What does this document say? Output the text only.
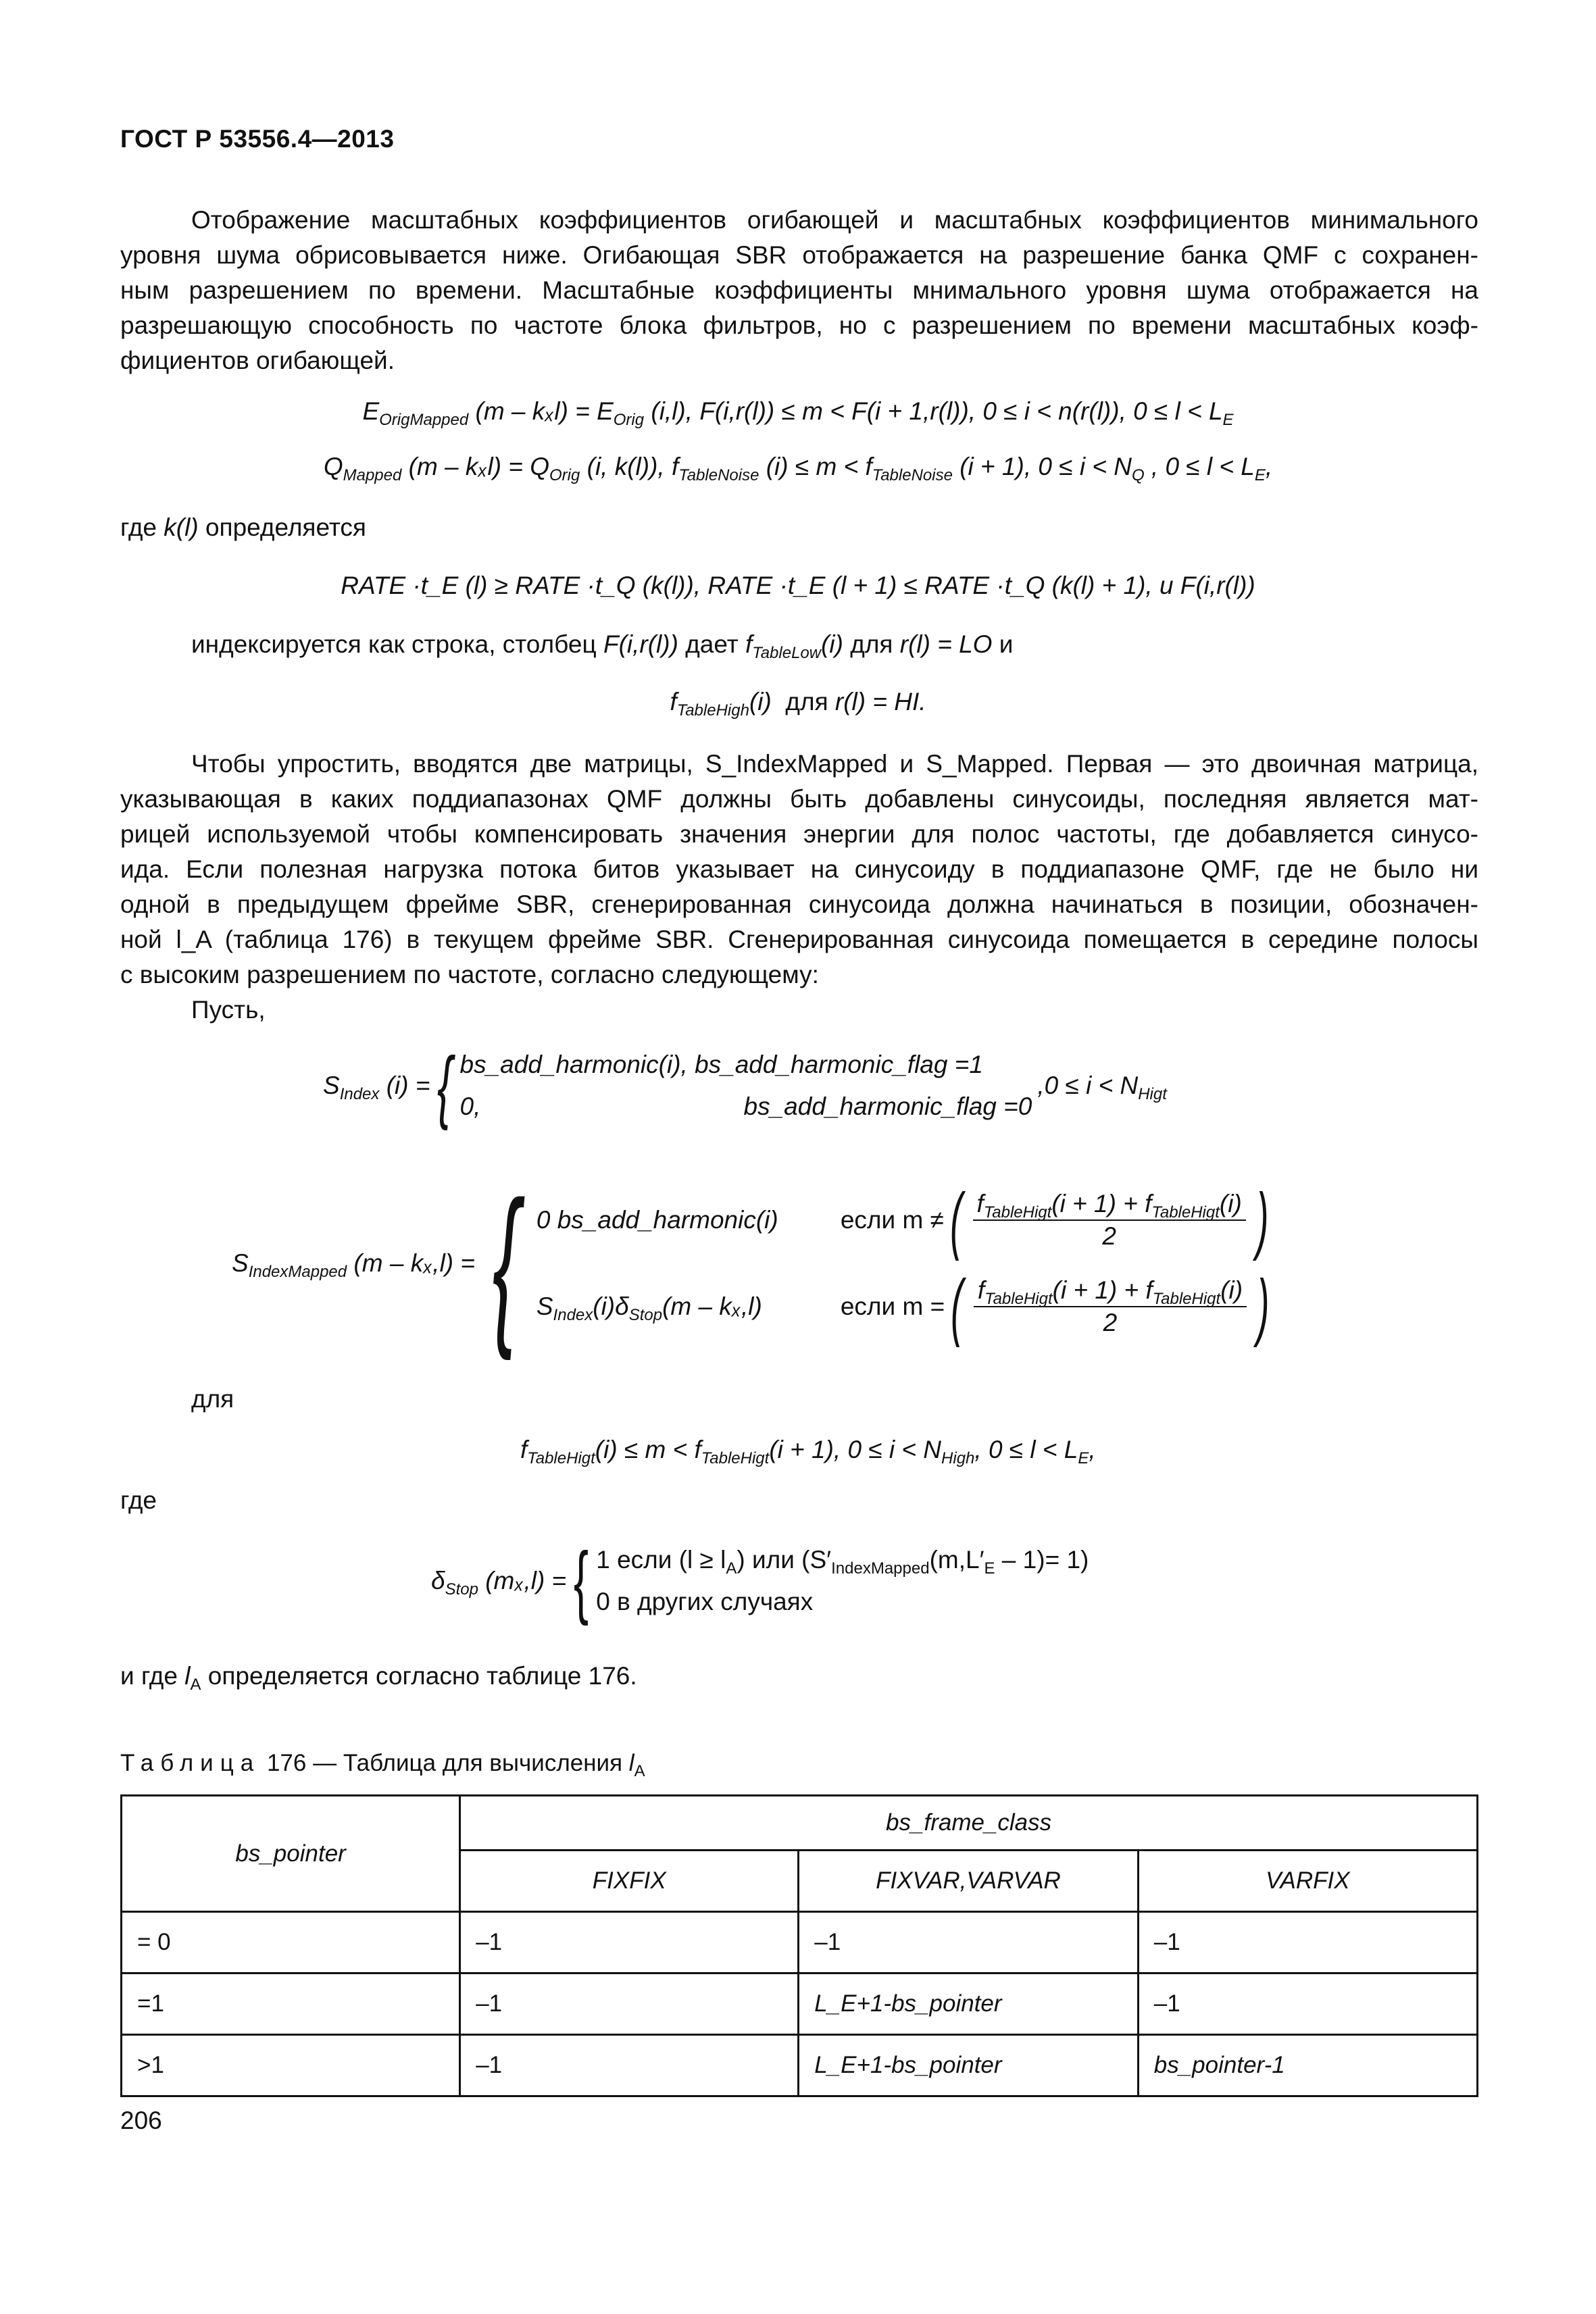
ГОСТ Р 53556.4—2013
Отображение масштабных коэффициентов огибающей и масштабных коэффициентов минимального
уровня шума обрисовывается ниже. Огибающая SBR отображается на разрешение банка QMF с сохранен-
ным разрешением по времени. Масштабные коэффициенты мнимального уровня шума отображается на
разрешающую способность по частоте блока фильтров, но с разрешением по времени масштабных коэф-
фициентов огибающей.
$E_{OrigMapped}$ $(m - k_xl) = E_{Orig}$ (i,l), F(i,r(l)) ≤ m < F(i + 1,r(l)), 0 ≤ i < n(r(l)), $0 \le l < L_E$
$Q_{Mapped}$ $(m - k_xl) = Q_{Orig}$ (i, k(l)), $f_{TableNoise}$ $(i) \le m < f_{TableNoise}$ (i + 1), $0 \le i < N_Q$ , $0 \le l < L_E$,
где k(l) определяется
RATE ·t_E (l) ≥ RATE ·t_Q (k(l)), RATE ·t_E (l + 1) ≤ RATE ·t_Q (k(l) + 1), и F(i,r(l))
индексируется как строка, столбец F(i,r(l)) дает $f_{TableLow}(i)$ для r(l) = LO и
$f_{TableHigh}(i)$ для r(l) = HI.
Чтобы упростить, вводятся две матрицы, S_IndexMapped и S_Mapped. Первая — это двоичная матрица,
указывающая в каких поддиапазонах QMF должны быть добавлены синусоиды, последняя является мат-
рицей используемой чтобы компенсировать значения энергии для полос частоты, где добавляется синусо-
ида. Если полезная нагрузка потока битов указывает на синусоиду в поддиапазоне QMF, где не было ни
одной в предыдущем фрейме SBR, сгенерированная синусоида должна начинаться в позиции, обозначен-
ной l_A (таблица 176) в текущем фрейме SBR. Сгенерированная синусоида помещается в середине полосы
с высоким разрешением по частоте, согласно следующему:
Пусть,
$S_{Index}$ (i) = { bs_add_harmonic(i), bs_add_harmonic_flag =1
0,	bs_add_harmonic_flag =0
$,0 \le i < N_{Higt}$
$S_{IndexMapped}$ (m – kₓ,l) = { 0 bs_add_harmonic(i)	если m ≠ ( $\frac{f_{TableHigt}(i + 1) + f_{TableHigt}(i)}{2}$ )
$S_{Index}(i)\delta_{Stop}(m - k_x,l)$	если m = ( $\frac{f_{TableHigt}(i + 1) + f_{TableHigt}(i)}{2}$ )
для
$f_{TableHigt}(i) \le m < f_{TableHigt}(i + 1)$, $0 \le i < N_{High}$, $0 \le l < L_E$,
где
$\delta_{Stop}$ (mₓ,l) = { 1 если $(l \ge l_A)$ или $(S'_{IndexMapped}(m,L'_E - 1)= 1)$
0 в других случаях
и где $l_A$ определяется согласно таблице 176.
Таблица 176 — Таблица для вычисления $l_A$
bs_pointer	bs_frame_class		
	FIXFIX	FIXVAR,VARVAR	VARFIX
= 0	–1	–1	–1
=1	–1	L_E+1-bs_pointer	–1
>1	–1	L_E+1-bs_pointer	bs_pointer-1
206
